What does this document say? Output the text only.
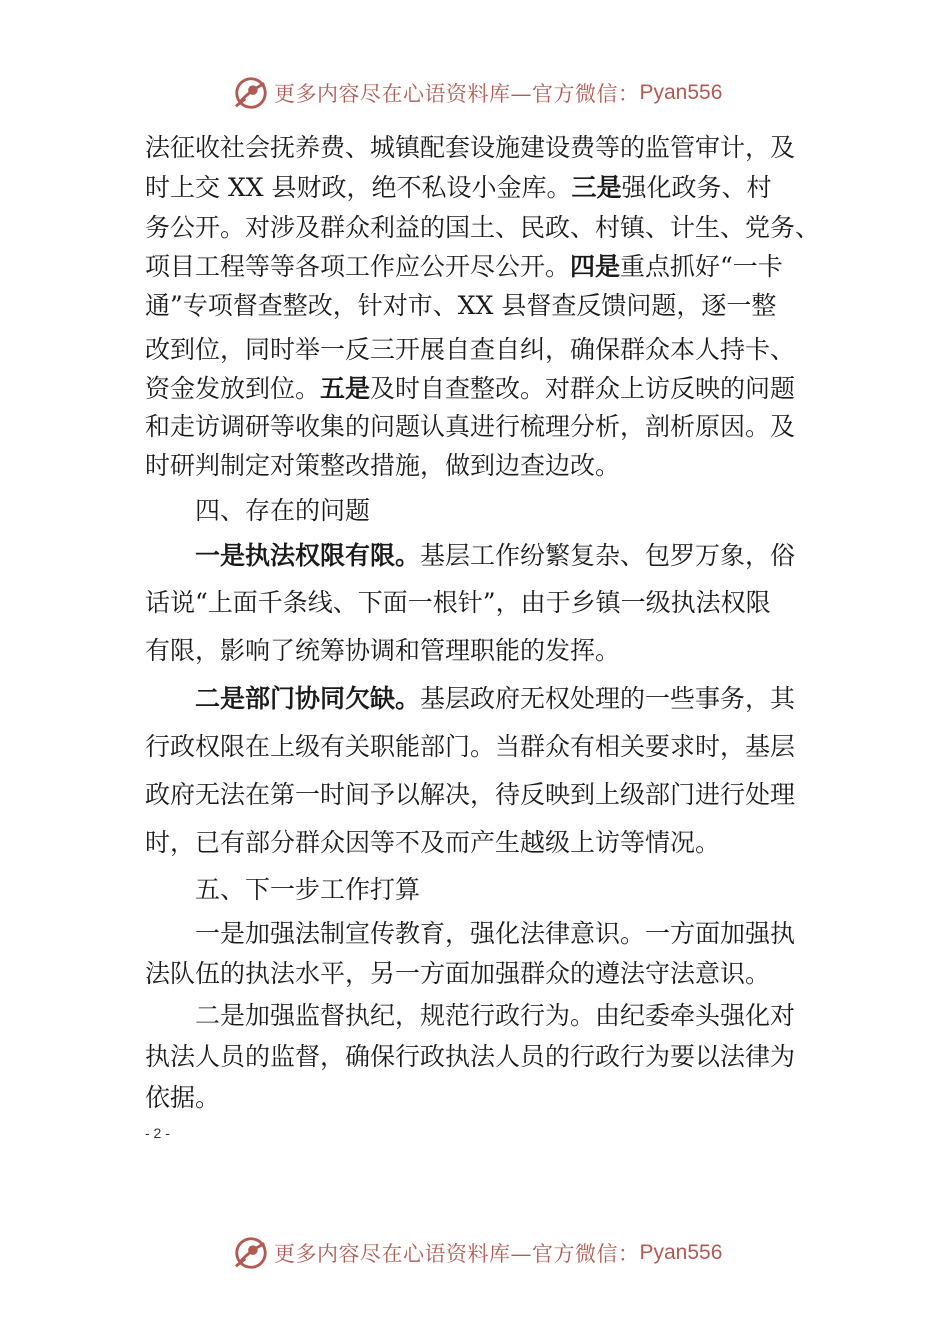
更多内容尽在心语资料库—官方微信： Pyan556
法征收社会抚养费、城镇配套设施建设费等的监管审计，及
时上交 XX 县财政，绝不私设小金库。三是强化政务、村
务公开。对涉及群众利益的国土、民政、村镇、计生、党务、
项目工程等等各项工作应公开尽公开。四是重点抓好“一卡
通”专项督查整改，针对市、XX 县督查反馈问题，逐一整
改到位，同时举一反三开展自查自纠，确保群众本人持卡、
资金发放到位。五是及时自查整改。对群众上访反映的问题
和走访调研等收集的问题认真进行梳理分析，剖析原因。及
时研判制定对策整改措施，做到边查边改。
四、存在的问题
一是执法权限有限。基层工作纷繁复杂、包罗万象，俗
话说“上面千条线、下面一根针”，由于乡镇一级执法权限
有限，影响了统筹协调和管理职能的发挥。
二是部门协同欠缺。基层政府无权处理的一些事务，其
行政权限在上级有关职能部门。当群众有相关要求时，基层
政府无法在第一时间予以解决，待反映到上级部门进行处理
时，已有部分群众因等不及而产生越级上访等情况。
五、下一步工作打算
一是加强法制宣传教育，强化法律意识。一方面加强执
法队伍的执法水平，另一方面加强群众的遵法守法意识。
二是加强监督执纪，规范行政行为。由纪委牵头强化对
执法人员的监督，确保行政执法人员的行政行为要以法律为
依据。
- 2 -
更多内容尽在心语资料库—官方微信： Pyan556
